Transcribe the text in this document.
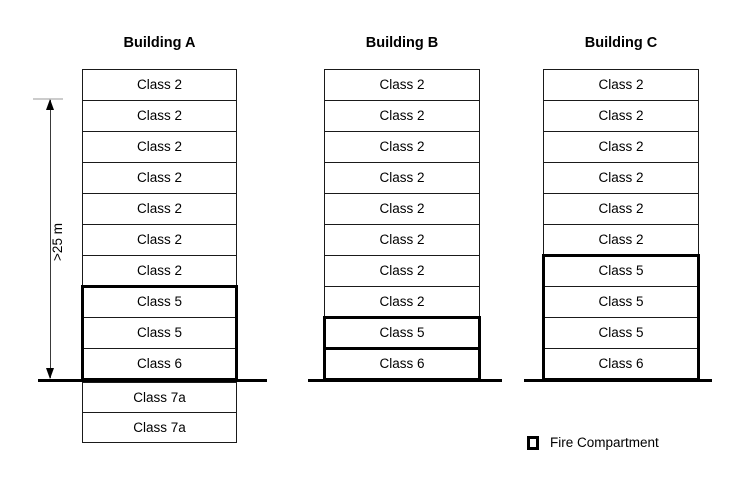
Building A
Class 2
Class 2
Class 2
Class 2
Class 2
Class 2
Class 2
Class 5
Class 5
Class 6
Class 7a
Class 7a
Building B
Class 2
Class 2
Class 2
Class 2
Class 2
Class 2
Class 2
Class 2
Class 5
Class 6
Building C
Class 2
Class 2
Class 2
Class 2
Class 2
Class 2
Class 5
Class 5
Class 5
Class 6
>25 m
Fire Compartment
